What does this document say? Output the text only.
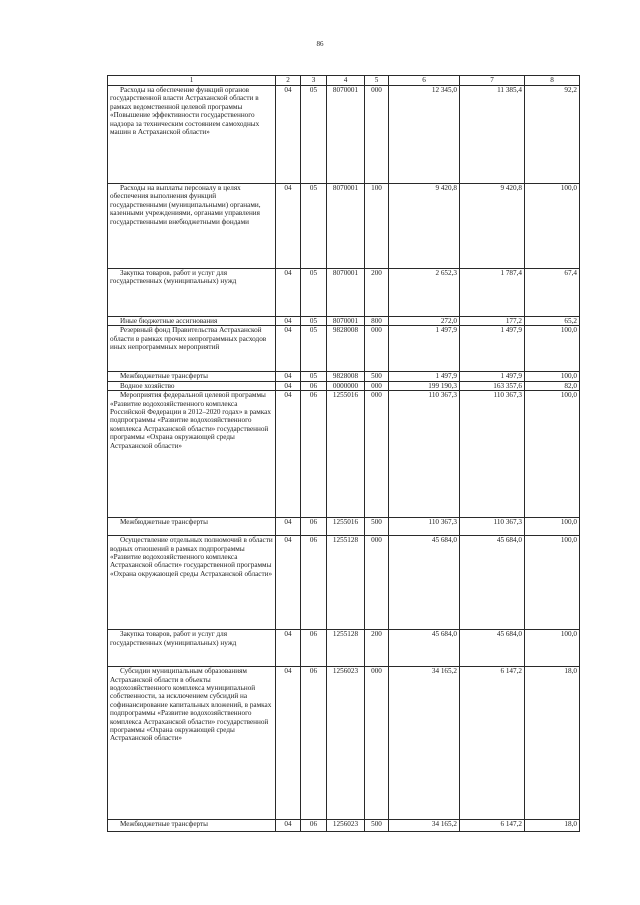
86
1	2	3	4	5	6	7	8

Расходы на обеспечение функций органов государственной власти Астраханской области в рамках ведомственной целевой программы «Повышение эффективности государственного надзора за техническим состоянием самоходных машин в Астраханской области»	04	05	8070001	000	12 345,0	11 385,4	92,2

Расходы на выплаты персоналу в целях обеспечения выполнения функций государственными (муниципальными) органами, казенными учреждениями, органами управления государственными внебюджетными фондами	04	05	8070001	100	9 420,8	9 420,8	100,0

Закупка товаров, работ и услуг для государственных (муниципальных) нужд	04	05	8070001	200	2 652,3	1 787,4	67,4

Иные бюджетные ассигнования	04	05	8070001	800	272,0	177,2	65,2

Резервный фонд Правительства Астраханской области в рамках прочих непрограммных расходов иных непрограммных мероприятий	04	05	9828008	000	1 497,9	1 497,9	100,0

Межбюджетные трансферты	04	05	9828008	500	1 497,9	1 497,9	100,0

Водное хозяйство	04	06	0000000	000	199 190,3	163 357,6	82,0

Мероприятия федеральной целевой программы «Развитие водохозяйственного комплекса Российской Федерации в 2012–2020 годах» в рамках подпрограммы «Развитие водохозяйственного комплекса Астраханской области» государственной программы «Охрана окружающей среды Астраханской области»	04	06	1255016	000	110 367,3	110 367,3	100,0

Межбюджетные трансферты	04	06	1255016	500	110 367,3	110 367,3	100,0

Осуществление отдельных полномочий в области водных отношений в рамках подпрограммы «Развитие водохозяйственного комплекса Астраханской области» государственной программы «Охрана окружающей среды Астраханской области»	04	06	1255128	000	45 684,0	45 684,0	100,0

Закупка товаров, работ и услуг для государственных (муниципальных) нужд	04	06	1255128	200	45 684,0	45 684,0	100,0

Субсидии муниципальным образованиям Астраханской области в объекты водохозяйственного комплекса муниципальной собственности, за исключением субсидий на софинансирование капитальных вложений, в рамках подпрограммы «Развитие водохозяйственного комплекса Астраханской области» государственной программы «Охрана окружающей среды Астраханской области»	04	06	1256023	000	34 165,2	6 147,2	18,0

Межбюджетные трансферты	04	06	1256023	500	34 165,2	6 147,2	18,0
